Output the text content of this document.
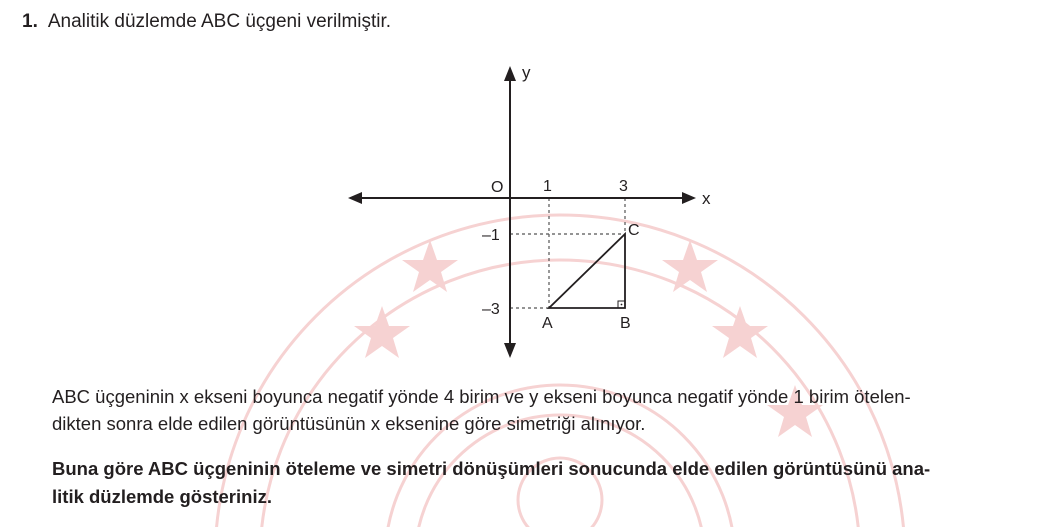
1. Analitik düzlemde ABC üçgeni verilmiştir.
y
x
O 1	3
–1
–3
A	B
C
ABC üçgeninin x ekseni boyunca negatif yönde 4 birim ve y ekseni boyunca negatif yönde 1 birim ötelen-
dikten sonra elde edilen görüntüsünün x eksenine göre simetriği alınıyor.
Buna göre ABC üçgeninin öteleme ve simetri dönüşümleri sonucunda elde edilen görüntüsünü ana-
litik düzlemde gösteriniz.
